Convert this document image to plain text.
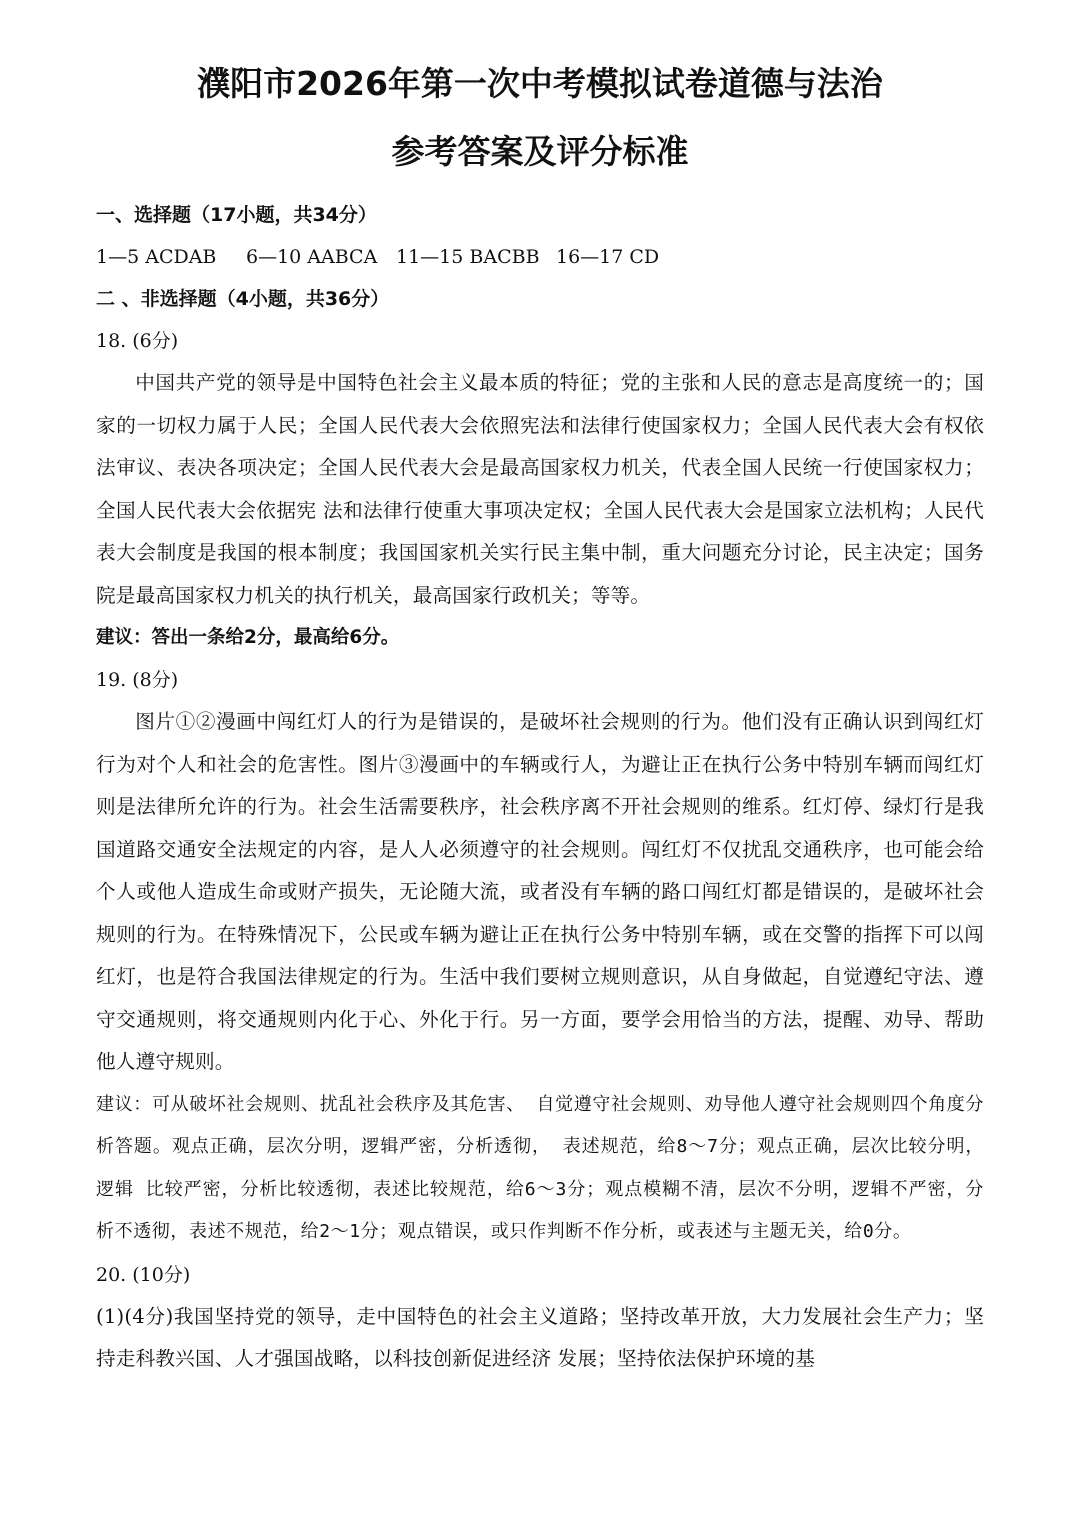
濮阳市2026年第一次中考模拟试卷道德与法治
参考答案及评分标准
一、选择题（17小题，共34分）
1—5 ACDAB 6—10 AABCA 11—15 BACBB 16—17 CD
二 、非选择题（4小题，共36分）
18. (6分)

中国共产党的领导是中国特色社会主义最本质的特征；党的主张和人民的意志是高度统一的；国家的一切权力属于人民；全国人民代表大会依照宪法和法律行使国家权力；全国人民代表大会有权依法审议、表决各项决定；全国人民代表大会是最高国家权力机关，代表全国人民统一行使国家权力；全国人民代表大会依据宪 法和法律行使重大事项决定权；全国人民代表大会是国家立法机构；人民代表大会制度是我国的根本制度；我国国家机关实行民主集中制，重大问题充分讨论，民主决定；国务院是最高国家权力机关的执行机关，最高国家行政机关；等等。

建议：答出一条给2分，最高给6分。

19. (8分)

图片①②漫画中闯红灯人的行为是错误的，是破坏社会规则的行为。他们没有正确认识到闯红灯行为对个人和社会的危害性。图片③漫画中的车辆或行人，为避让正在执行公务中特别车辆而闯红灯则是法律所允许的行为。社会生活需要秩序，社会秩序离不开社会规则的维系。红灯停、绿灯行是我国道路交通安全法规定的内容，是人人必须遵守的社会规则。闯红灯不仅扰乱交通秩序，也可能会给个人或他人造成生命或财产损失，无论随大流，或者没有车辆的路口闯红灯都是错误的，是破坏社会规则的行为。在特殊情况下，公民或车辆为避让正在执行公务中特别车辆，或在交警的指挥下可以闯红灯，也是符合我国法律规定的行为。生活中我们要树立规则意识，从自身做起，自觉遵纪守法、遵守交通规则，将交通规则内化于心、外化于行。另一方面，要学会用恰当的方法，提醒、劝导、帮助他人遵守规则。

建议：可从破坏社会规则、扰乱社会秩序及其危害、 自觉遵守社会规则、劝导他人遵守社会规则四个角度分 析答题。观点正确，层次分明，逻辑严密，分析透彻， 表述规范，给8～7分；观点正确，层次比较分明，逻辑 比较严密，分析比较透彻，表述比较规范，给6～3分；观点模糊不清，层次不分明，逻辑不严密，分析不透彻，表述不规范，给2～1分；观点错误，或只作判断不作分析，或表述与主题无关，给0分。

20. (10分)

(1)(4分)我国坚持党的领导，走中国特色的社会主义道路；坚持改革开放，大力发展社会生产力；坚持走科教兴国、人才强国战略，以科技创新促进经济 发展；坚持依法保护环境的基
